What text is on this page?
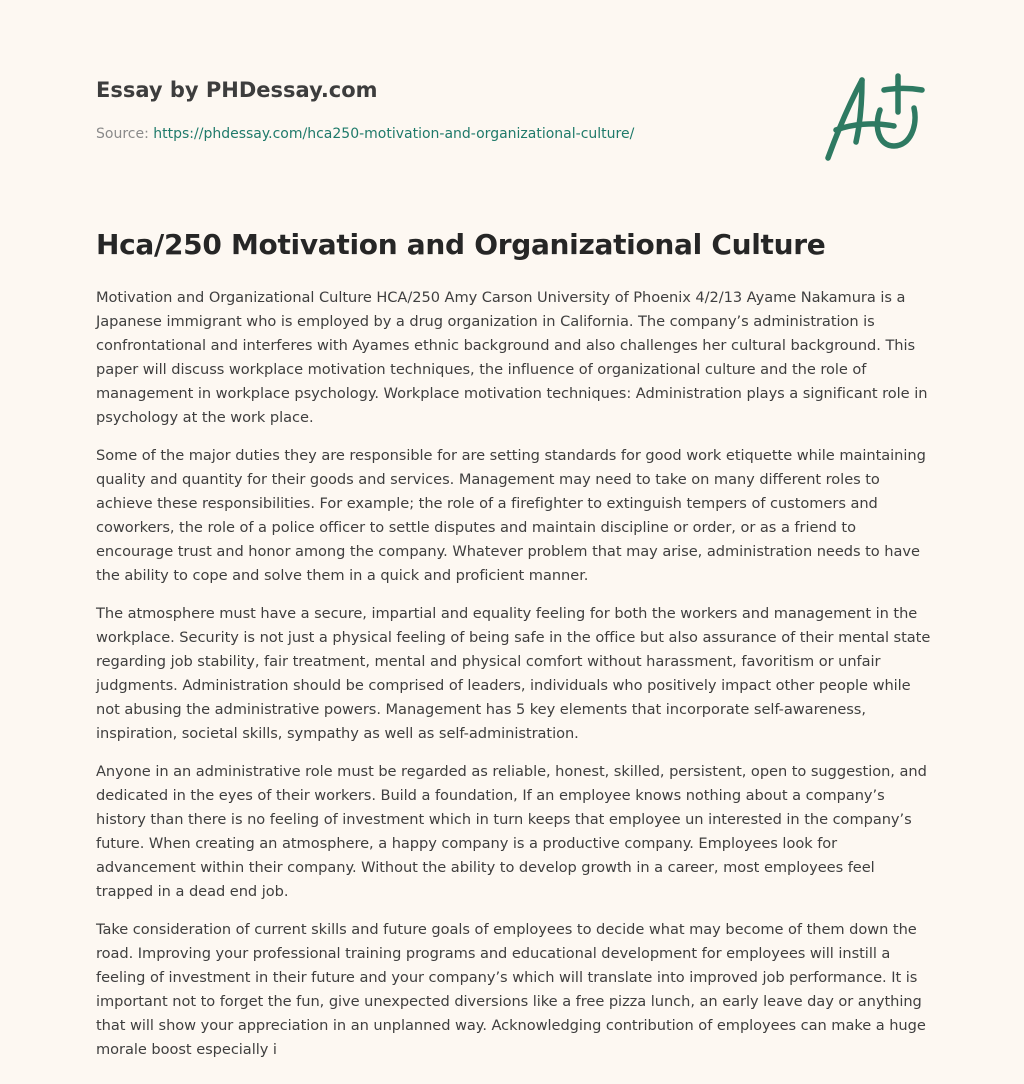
Essay by PHDessay.com

Source: https://phdessay.com/hca250-motivation-and-organizational-culture/
Hca/250 Motivation and Organizational Culture

Motivation and Organizational Culture HCA/250 Amy Carson University of Phoenix 4/2/13 Ayame Nakamura is a Japanese immigrant who is employed by a drug organization in California. The company’s administration is confrontational and interferes with Ayames ethnic background and also challenges her cultural background. This paper will discuss workplace motivation techniques, the influence of organizational culture and the role of management in workplace psychology. Workplace motivation techniques: Administration plays a significant role in psychology at the work place.

Some of the major duties they are responsible for are setting standards for good work etiquette while maintaining quality and quantity for their goods and services. Management may need to take on many different roles to achieve these responsibilities. For example; the role of a firefighter to extinguish tempers of customers and coworkers, the role of a police officer to settle disputes and maintain discipline or order, or as a friend to encourage trust and honor among the company. Whatever problem that may arise, administration needs to have the ability to cope and solve them in a quick and proficient manner.

The atmosphere must have a secure, impartial and equality feeling for both the workers and management in the workplace. Security is not just a physical feeling of being safe in the office but also assurance of their mental state regarding job stability, fair treatment, mental and physical comfort without harassment, favoritism or unfair judgments. Administration should be comprised of leaders, individuals who positively impact other people while not abusing the administrative powers. Management has 5 key elements that incorporate self-awareness, inspiration, societal skills, sympathy as well as self-administration.

Anyone in an administrative role must be regarded as reliable, honest, skilled, persistent, open to suggestion, and dedicated in the eyes of their workers. Build a foundation, If an employee knows nothing about a company’s history than there is no feeling of investment which in turn keeps that employee un interested in the company’s future. When creating an atmosphere, a happy company is a productive company. Employees look for advancement within their company. Without the ability to develop growth in a career, most employees feel trapped in a dead end job.

Take consideration of current skills and future goals of employees to decide what may become of them down the road. Improving your professional training programs and educational development for employees will instill a feeling of investment in their future and your company’s which will translate into improved job performance. It is important not to forget the fun, give unexpected diversions like a free pizza lunch, an early leave day or anything that will show your appreciation in an unplanned way. Acknowledging contribution of employees can make a huge morale boost especially i
